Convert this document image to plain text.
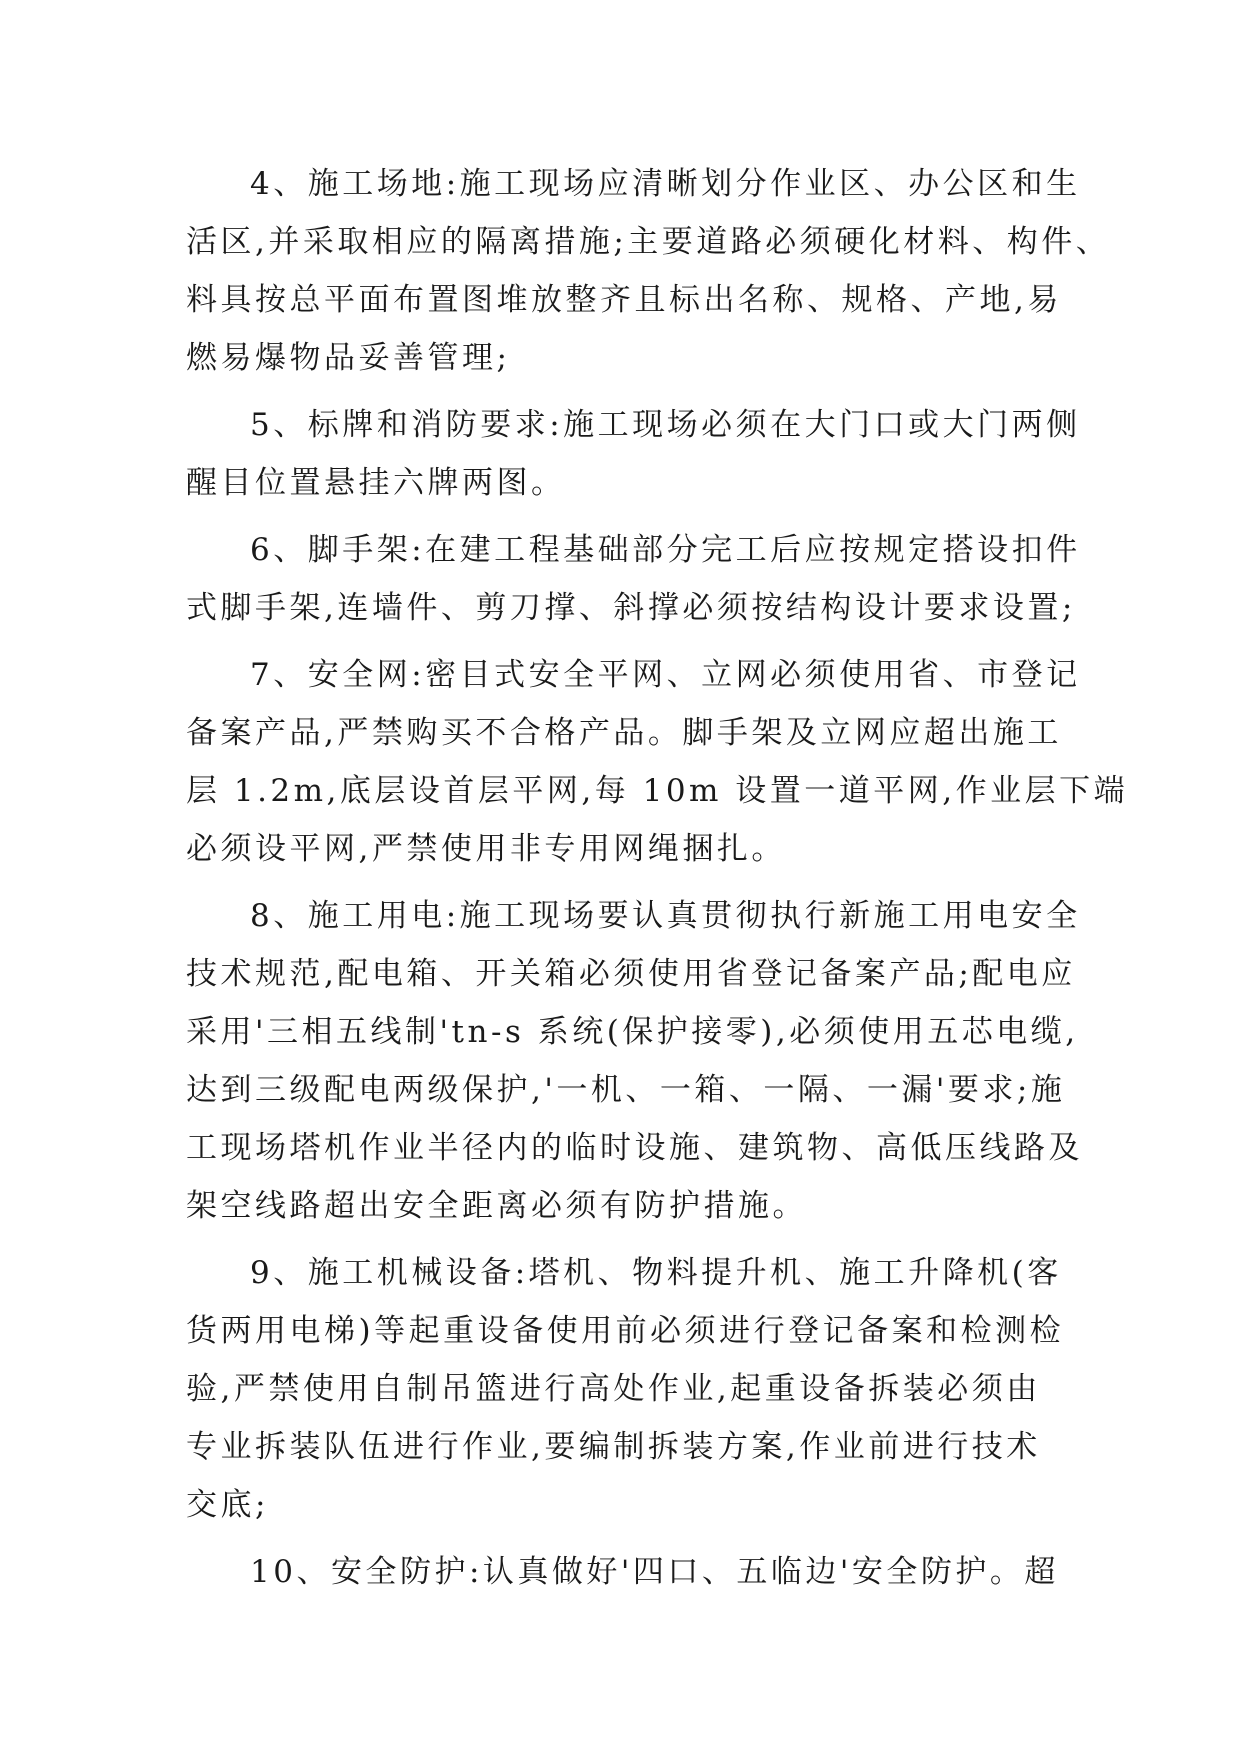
4、施工场地:施工现场应清晰划分作业区、办公区和生
活区,并采取相应的隔离措施;主要道路必须硬化材料、构件、
料具按总平面布置图堆放整齐且标出名称、规格、产地,易
燃易爆物品妥善管理;
5、标牌和消防要求:施工现场必须在大门口或大门两侧
醒目位置悬挂六牌两图。
6、脚手架:在建工程基础部分完工后应按规定搭设扣件
式脚手架,连墙件、剪刀撑、斜撑必须按结构设计要求设置;
7、安全网:密目式安全平网、立网必须使用省、市登记
备案产品,严禁购买不合格产品。脚手架及立网应超出施工
层 1.2m,底层设首层平网,每 10m 设置一道平网,作业层下端
必须设平网,严禁使用非专用网绳捆扎。
8、施工用电:施工现场要认真贯彻执行新施工用电安全
技术规范,配电箱、开关箱必须使用省登记备案产品;配电应
采用'三相五线制'tn-s 系统(保护接零),必须使用五芯电缆,
达到三级配电两级保护,'一机、一箱、一隔、一漏'要求;施
工现场塔机作业半径内的临时设施、建筑物、高低压线路及
架空线路超出安全距离必须有防护措施。
9、施工机械设备:塔机、物料提升机、施工升降机(客
货两用电梯)等起重设备使用前必须进行登记备案和检测检
验,严禁使用自制吊篮进行高处作业,起重设备拆装必须由
专业拆装队伍进行作业,要编制拆装方案,作业前进行技术
交底;
10、安全防护:认真做好'四口、五临边'安全防护。超
